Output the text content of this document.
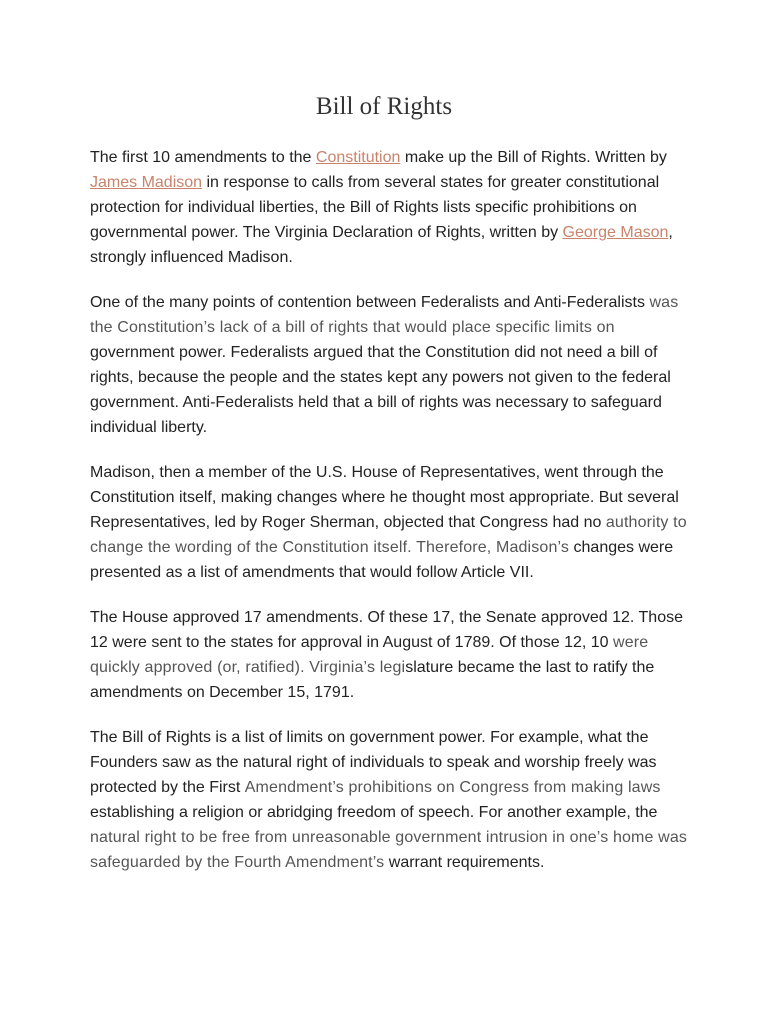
Bill of Rights

The first 10 amendments to the Constitution make up the Bill of Rights. Written by James Madison in response to calls from several states for greater constitutional protection for individual liberties, the Bill of Rights lists specific prohibitions on governmental power. The Virginia Declaration of Rights, written by George Mason, strongly influenced Madison.

One of the many points of contention between Federalists and Anti-Federalists was the Constitution’s lack of a bill of rights that would place specific limits on government power. Federalists argued that the Constitution did not need a bill of rights, because the people and the states kept any powers not given to the federal government. Anti-Federalists held that a bill of rights was necessary to safeguard individual liberty.

Madison, then a member of the U.S. House of Representatives, went through the Constitution itself, making changes where he thought most appropriate. But several Representatives, led by Roger Sherman, objected that Congress had no authority to change the wording of the Constitution itself. Therefore, Madison’s changes were presented as a list of amendments that would follow Article VII.

The House approved 17 amendments. Of these 17, the Senate approved 12. Those 12 were sent to the states for approval in August of 1789. Of those 12, 10 were quickly approved (or, ratified). Virginia’s legislature became the last to ratify the amendments on December 15, 1791.

The Bill of Rights is a list of limits on government power. For example, what the Founders saw as the natural right of individuals to speak and worship freely was protected by the First Amendment’s prohibitions on Congress from making laws establishing a religion or abridging freedom of speech. For another example, the natural right to be free from unreasonable government intrusion in one’s home was safeguarded by the Fourth Amendment’s warrant requirements.
